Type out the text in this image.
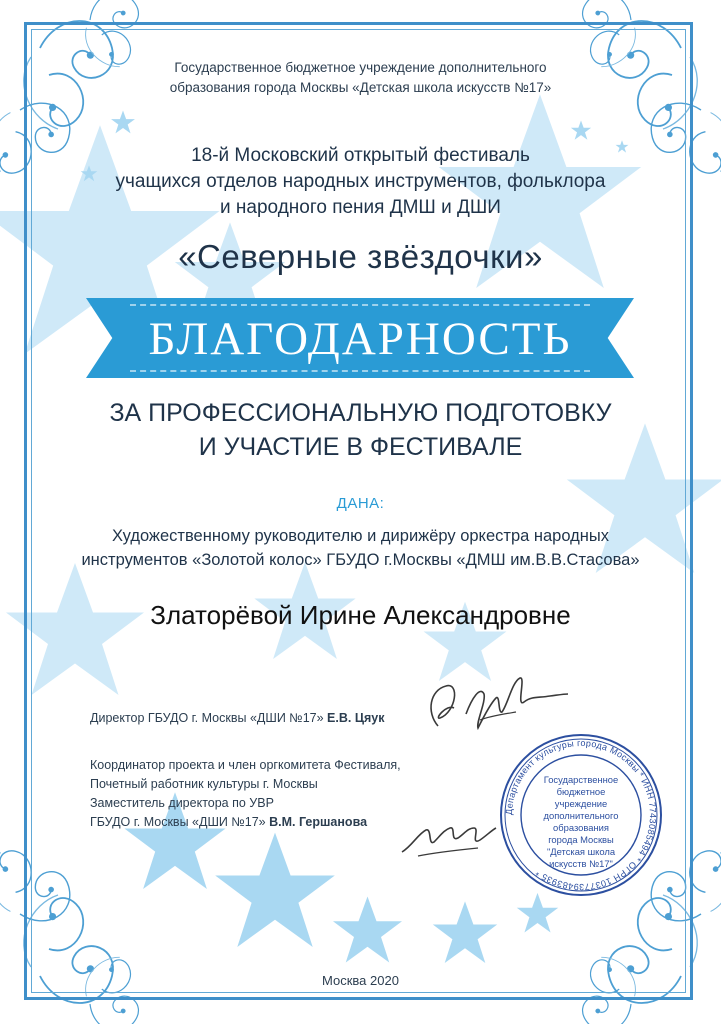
Государственное бюджетное учреждение дополнительного
образования города Москвы «Детская школа искусств №17»
18-й Московский открытый фестиваль
учащихся отделов народных инструментов, фольклора
и народного пения ДМШ и ДШИ
«Северные звёздочки»
БЛАГОДАРНОСТЬ
ЗА ПРОФЕССИОНАЛЬНУЮ ПОДГОТОВКУ
И УЧАСТИЕ В ФЕСТИВАЛЕ
ДАНА:
Художественному руководителю и дирижёру оркестра народных
инструментов «Золотой колос» ГБУДО г.Москвы «ДМШ им.В.В.Стасова»
Златорёвой Ирине Александровне
Директор ГБУДО г. Москвы «ДШИ №17» Е.В. Цяук
Координатор проекта и член оргкомитета Фестиваля,
Почетный работник культуры г. Москвы
Заместитель директора по УВР
ГБУДО г. Москвы «ДШИ №17» В.М. Гершанова
Департамент культуры города Москвы * ИНН 7743085494 * ОГРН 1037739483935 *
Государственное
бюджетное
учреждение
дополнительного
образования
города Москвы
"Детская школа
искусств №17"
Москва 2020
